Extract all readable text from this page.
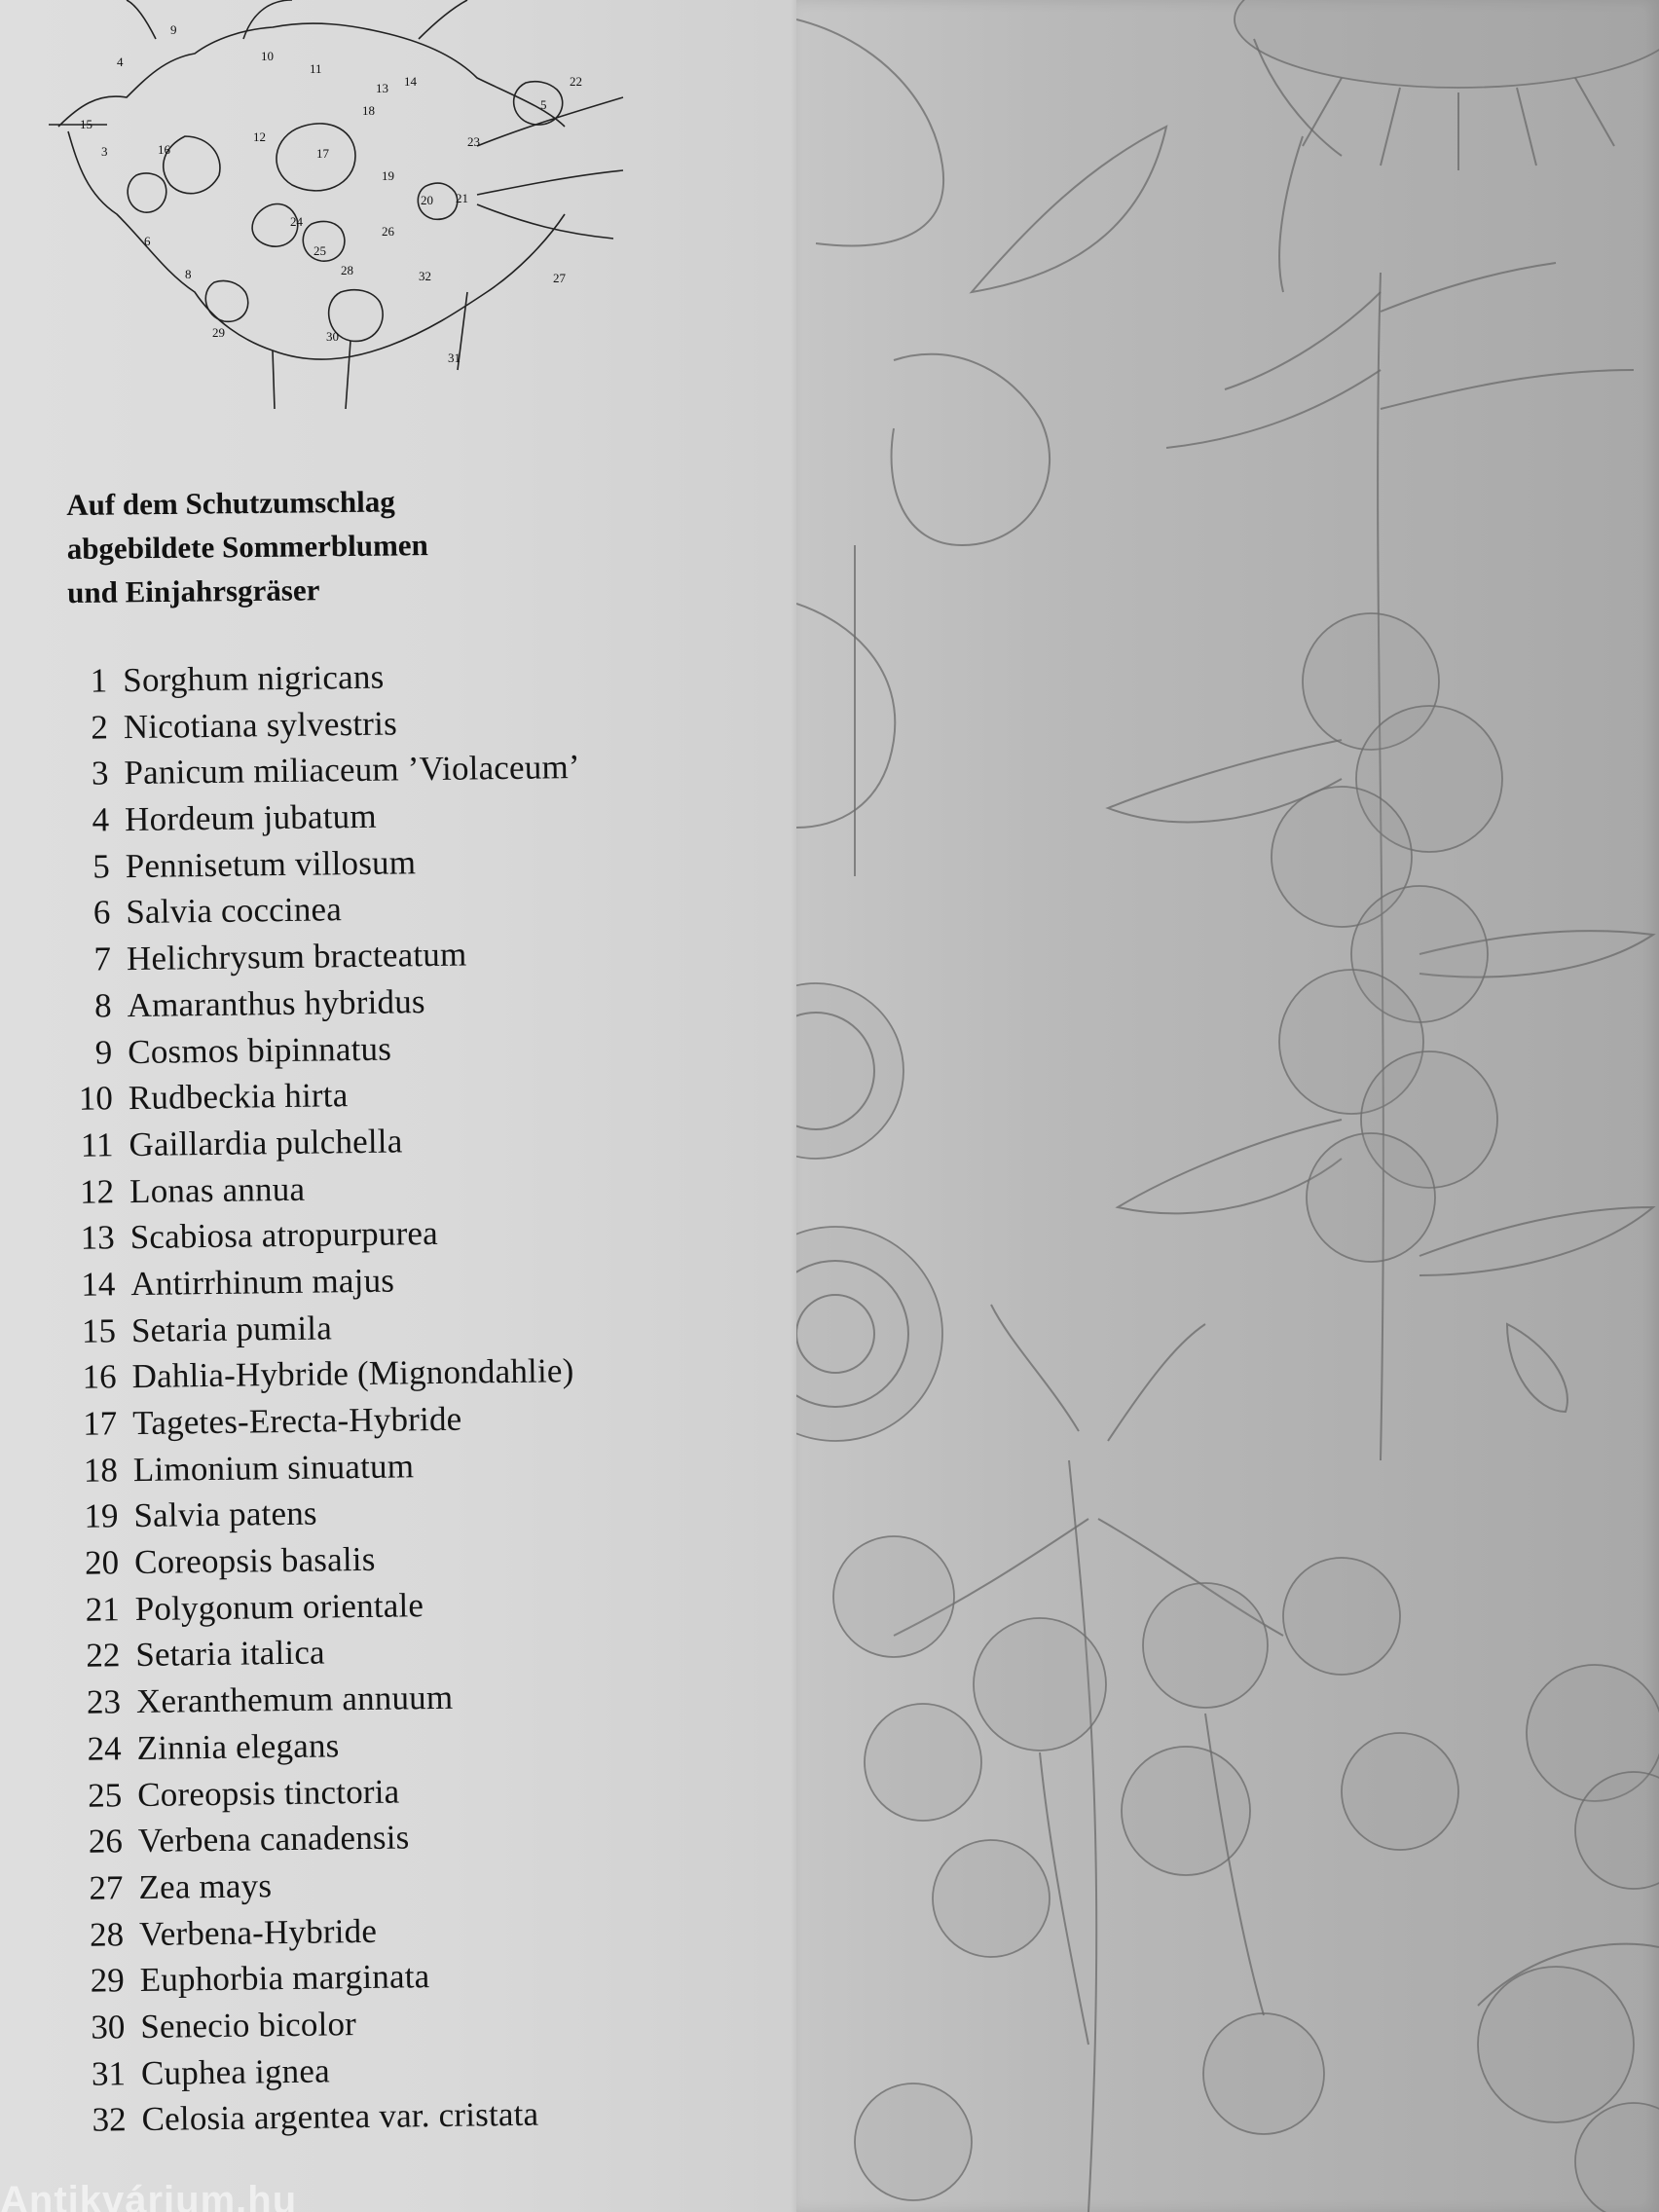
15
3
4
5
9
10
11
12
13 14
16	17
18
19
20 21
22
23
24
25
26
27
28
29	30
31
32
6
8
Auf dem Schutzumschlag
abgebildete Sommerblumen
und Einjahrsgräser
1 Sorghum nigricans
2 Nicotiana sylvestris
3 Panicum miliaceum ’Violaceum’
4 Hordeum jubatum
5 Pennisetum villosum
6 Salvia coccinea
7 Helichrysum bracteatum
8 Amaranthus hybridus
9 Cosmos bipinnatus
10 Rudbeckia hirta
11 Gaillardia pulchella
12 Lonas annua
13 Scabiosa atropurpurea
14 Antirrhinum majus
15 Setaria pumila
16 Dahlia-Hybride (Mignondahlie)
17 Tagetes-Erecta-Hybride
18 Limonium sinuatum
19 Salvia patens
20 Coreopsis basalis
21 Polygonum orientale
22 Setaria italica
23 Xeranthemum annuum
24 Zinnia elegans
25 Coreopsis tinctoria
26 Verbena canadensis
27 Zea mays
28 Verbena-Hybride
29 Euphorbia marginata
30 Senecio bicolor
31 Cuphea ignea
32 Celosia argentea var. cristata
Antikvárium.hu
